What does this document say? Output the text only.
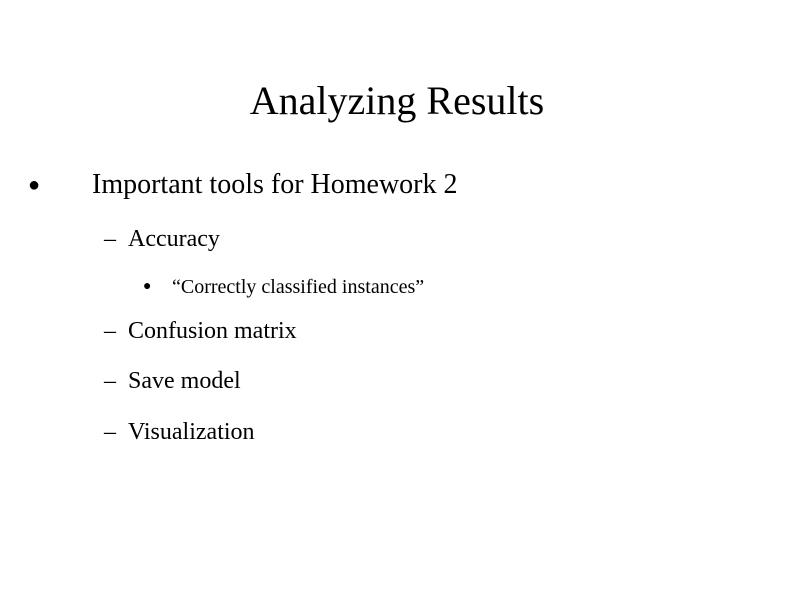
Analyzing Results
● Important tools for Homework 2
– Accuracy
● “Correctly classified instances”
– Confusion matrix
– Save model
– Visualization
